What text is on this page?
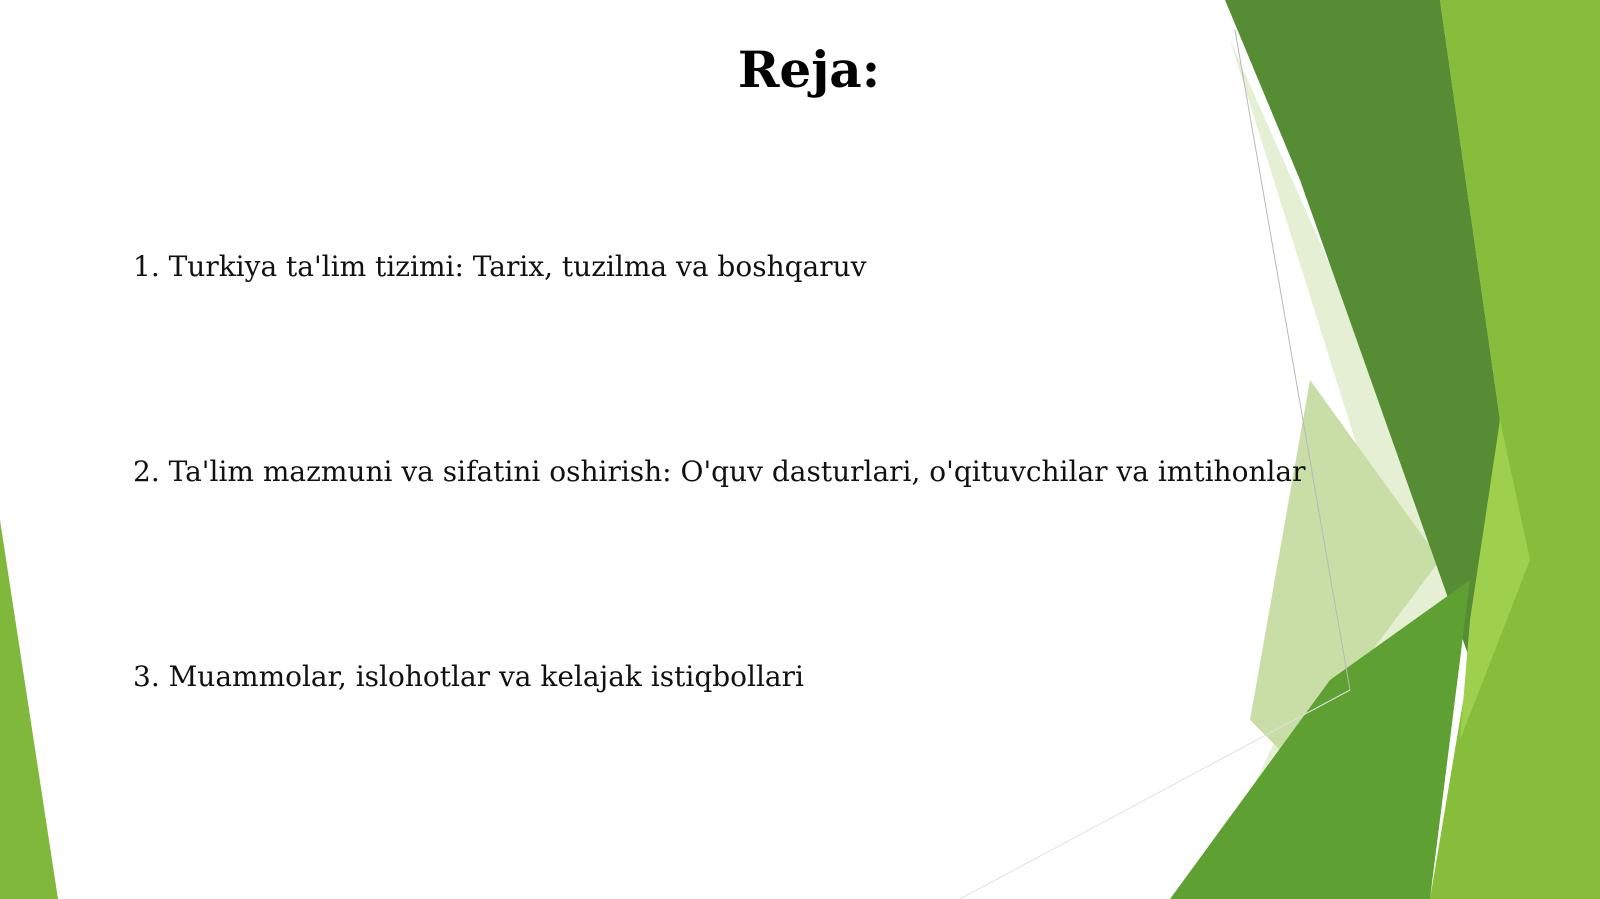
Reja:
1. Turkiya ta'lim tizimi: Tarix, tuzilma va boshqaruv
2. Ta'lim mazmuni va sifatini oshirish: O'quv dasturlari, o'qituvchilar va imtihonlar
3. Muammolar, islohotlar va kelajak istiqbollari
